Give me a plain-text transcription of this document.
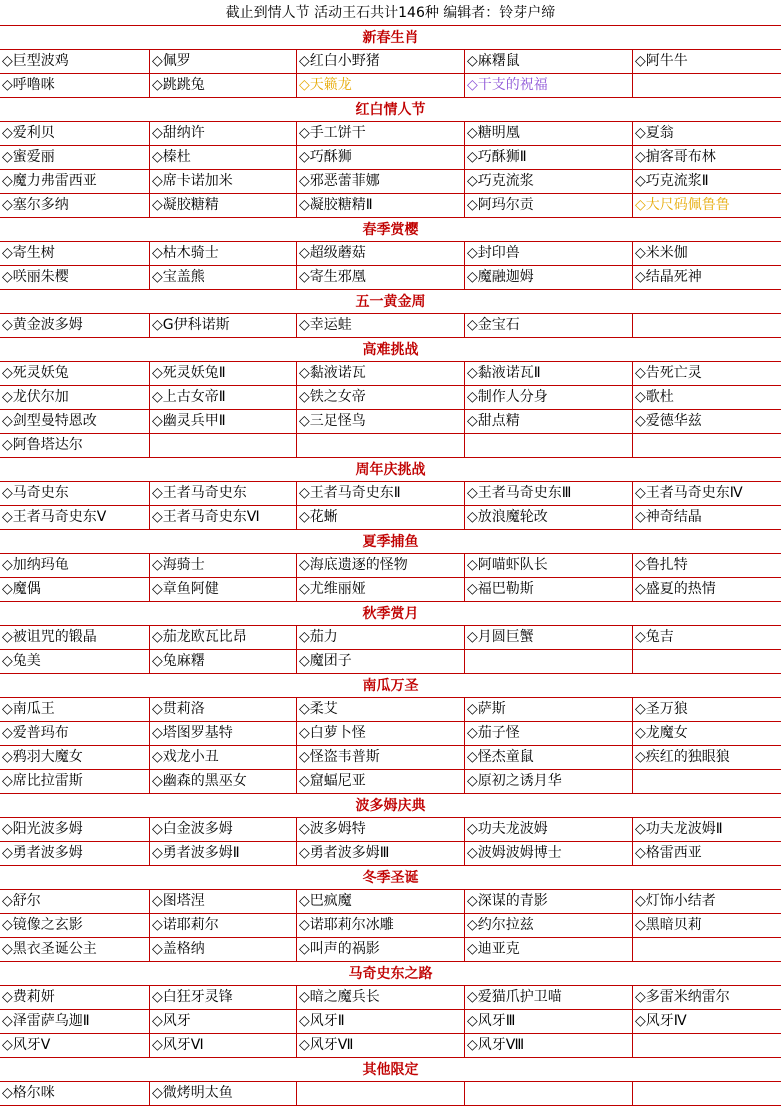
截止到情人节 活动王石共计146种 编辑者：铃芽户缔
新春生肖
◇巨型波鸡	◇佩罗	◇红白小野猪	◇麻糬鼠	◇阿牛牛
◇呼噜咪	◇跳跳兔	◇天籁龙	◇干支的祝福
红白情人节
◇爱利贝	◇甜纳许	◇手工饼干	◇糖明凰	◇夏翁
◇蜜爱丽	◇榛杜	◇巧酥狮	◇巧酥狮Ⅱ	◇掮客哥布林
◇魔力弗雷西亚	◇席卡诺加米	◇邪恶蕾菲娜	◇巧克流浆	◇巧克流浆Ⅱ
◇塞尔多纳	◇凝胶糖精	◇凝胶糖精Ⅱ	◇阿玛尔贡	◇大尺码佩鲁鲁
春季赏樱
◇寄生树	◇枯木骑士	◇超级蘑菇	◇封印兽	◇米米伽
◇咲丽朱樱	◇宝盖熊	◇寄生邪凰	◇魔融迦姆	◇结晶死神
五一黄金周
◇黄金波多姆	◇G伊科诺斯	◇幸运蛙	◇金宝石
高难挑战
◇死灵妖兔	◇死灵妖兔Ⅱ	◇黏液诺瓦	◇黏液诺瓦Ⅱ	◇告死亡灵
◇龙伏尔加	◇上古女帝Ⅱ	◇铁之女帝	◇制作人分身	◇歌杜
◇剑型曼特恩改	◇幽灵兵甲Ⅱ	◇三足怪鸟	◇甜点精	◇爱德华兹
◇阿鲁塔达尔
周年庆挑战
◇马奇史东	◇王者马奇史东	◇王者马奇史东Ⅱ	◇王者马奇史东Ⅲ	◇王者马奇史东Ⅳ
◇王者马奇史东Ⅴ	◇王者马奇史东Ⅵ	◇花蜥	◇放浪魔轮改	◇神奇结晶
夏季捕鱼
◇加纳玛龟	◇海骑士	◇海底遗逐的怪物	◇阿喵虾队长	◇鲁扎特
◇魔偶	◇章鱼阿健	◇尤维丽娅	◇福巴勒斯	◇盛夏的热情
秋季赏月
◇被诅咒的锻晶	◇茄龙欧瓦比昂	◇茄力	◇月圆巨蟹	◇兔吉
◇兔美	◇兔麻糬	◇魔团子
南瓜万圣
◇南瓜王	◇贯莉洛	◇柔艾	◇萨斯	◇圣万狼
◇爱普玛布	◇塔图罗基特	◇白萝卜怪	◇茄子怪	◇龙魔女
◇鸦羽大魔女	◇戏龙小丑	◇怪盗韦普斯	◇怪杰童鼠	◇疾红的独眼狼
◇席比拉雷斯	◇幽森的黑巫女	◇窟蝠尼亚	◇原初之诱月华
波多姆庆典
◇阳光波多姆	◇白金波多姆	◇波多姆特	◇功夫龙波姆	◇功夫龙波姆Ⅱ
◇勇者波多姆	◇勇者波多姆Ⅱ	◇勇者波多姆Ⅲ	◇波姆波姆博士	◇格雷西亚
冬季圣诞
◇舒尔	◇图塔涅	◇巴疯魔	◇深谋的青影	◇灯饰小结者
◇镜像之玄影	◇诺耶莉尔	◇诺耶莉尔冰雕	◇约尔拉兹	◇黑暗贝莉
◇黑衣圣诞公主	◇盖格纳	◇叫声的祸影	◇迪亚克
马奇史东之路
◇费莉妍	◇白狂牙灵锋	◇暗之魔兵长	◇爱猫爪护卫喵	◇多雷米纳雷尔
◇泽雷萨乌迦Ⅱ	◇风牙	◇风牙Ⅱ	◇风牙Ⅲ	◇风牙Ⅳ
◇风牙Ⅴ	◇风牙Ⅵ	◇风牙Ⅶ	◇风牙Ⅷ
其他限定
◇格尔咪	◇微烤明太鱼
